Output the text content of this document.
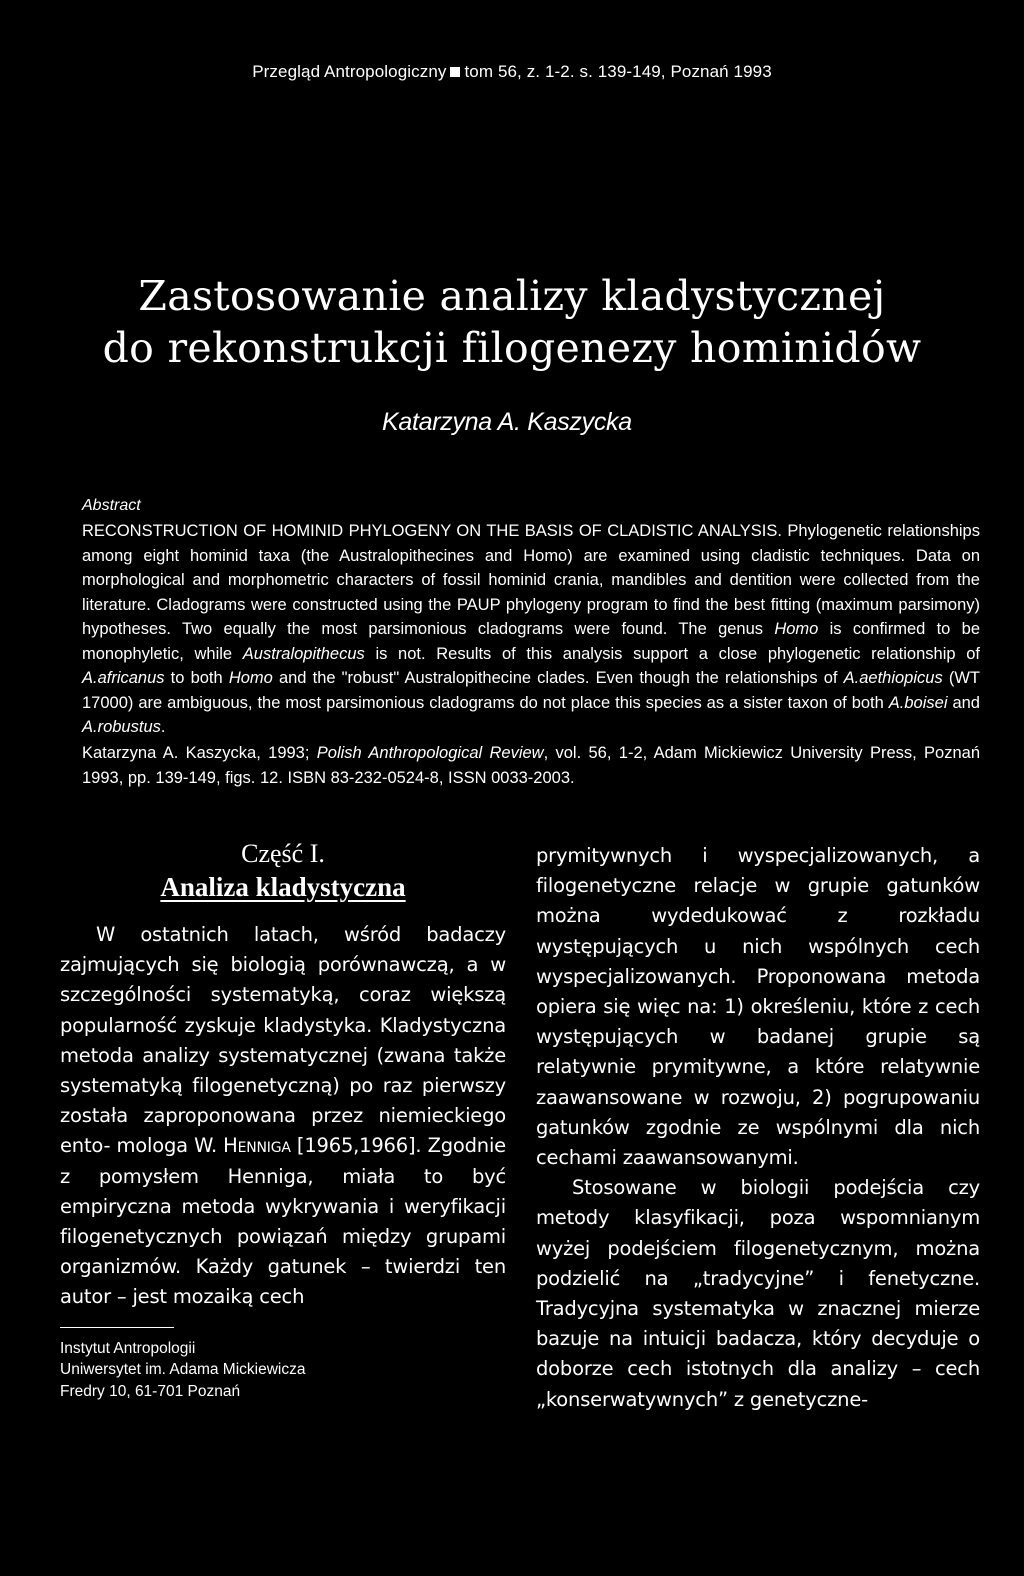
Przegląd Antropologiczny tom 56, z. 1-2. s. 139-149, Poznań 1993
Zastosowanie analizy kladystycznej
do rekonstrukcji filogenezy hominidów
Katarzyna A. Kaszycka
Abstract
RECONSTRUCTION OF HOMINID PHYLOGENY ON THE BASIS OF CLADISTIC ANALYSIS. Phylogenetic relationships among eight hominid taxa (the Australopithecines and Homo) are examined using cladistic techniques. Data on morphological and morphometric characters of fossil hominid crania, mandibles and dentition were collected from the literature. Cladograms were constructed using the PAUP phylogeny program to find the best fitting (maximum parsimony) hypotheses. Two equally the most parsimonious cladograms were found. The genus Homo is confirmed to be monophyletic, while Australopithecus is not. Results of this analysis support a close phylogenetic relationship of A.africanus to both Homo and the "robust" Australopithecine clades. Even though the relationships of A.aethiopicus (WT 17000) are ambiguous, the most parsimonious cladograms do not place this species as a sister taxon of both A.boisei and A.robustus.
Katarzyna A. Kaszycka, 1993; Polish Anthropological Review, vol. 56, 1-2, Adam Mickiewicz University Press, Poznań 1993, pp. 139-149, figs. 12. ISBN 83-232-0524-8, ISSN 0033-2003.
Część I.
Analiza kladystyczna

W ostatnich latach, wśród badaczy zajmujących się biologią porównawczą, a w szczególności systematyką, coraz większą popularność zyskuje kladystyka. Kladystyczna metoda analizy systematycznej (zwana także systematyką filogenetyczną) po raz pierwszy została zaproponowana przez niemieckiego ento- mologa W. Henniga [1965,1966]. Zgodnie z pomysłem Henniga, miała to być empiryczna metoda wykrywania i weryfikacji filogenetycznych powiązań między grupami organizmów. Każdy gatunek – twierdzi ten autor – jest mozaiką cech

Instytut Antropologii
Uniwersytet im. Adama Mickiewicza
Fredry 10, 61-701 Poznań

prymitywnych i wyspecjalizowanych, a filogenetyczne relacje w grupie gatunków można wydedukować z rozkładu występujących u nich wspólnych cech wyspecjalizowanych. Proponowana metoda opiera się więc na: 1) określeniu, które z cech występujących w badanej grupie są relatywnie prymitywne, a które relatywnie zaawansowane w rozwoju, 2) pogrupowaniu gatunków zgodnie ze wspólnymi dla nich cechami zaawansowanymi.

Stosowane w biologii podejścia czy metody klasyfikacji, poza wspomnianym wyżej podejściem filogenetycznym, można podzielić na „tradycyjne” i fenetyczne. Tradycyjna systematyka w znacznej mierze bazuje na intuicji badacza, który decyduje o doborze cech istotnych dla analizy – cech „konserwatywnych” z genetyczne-
